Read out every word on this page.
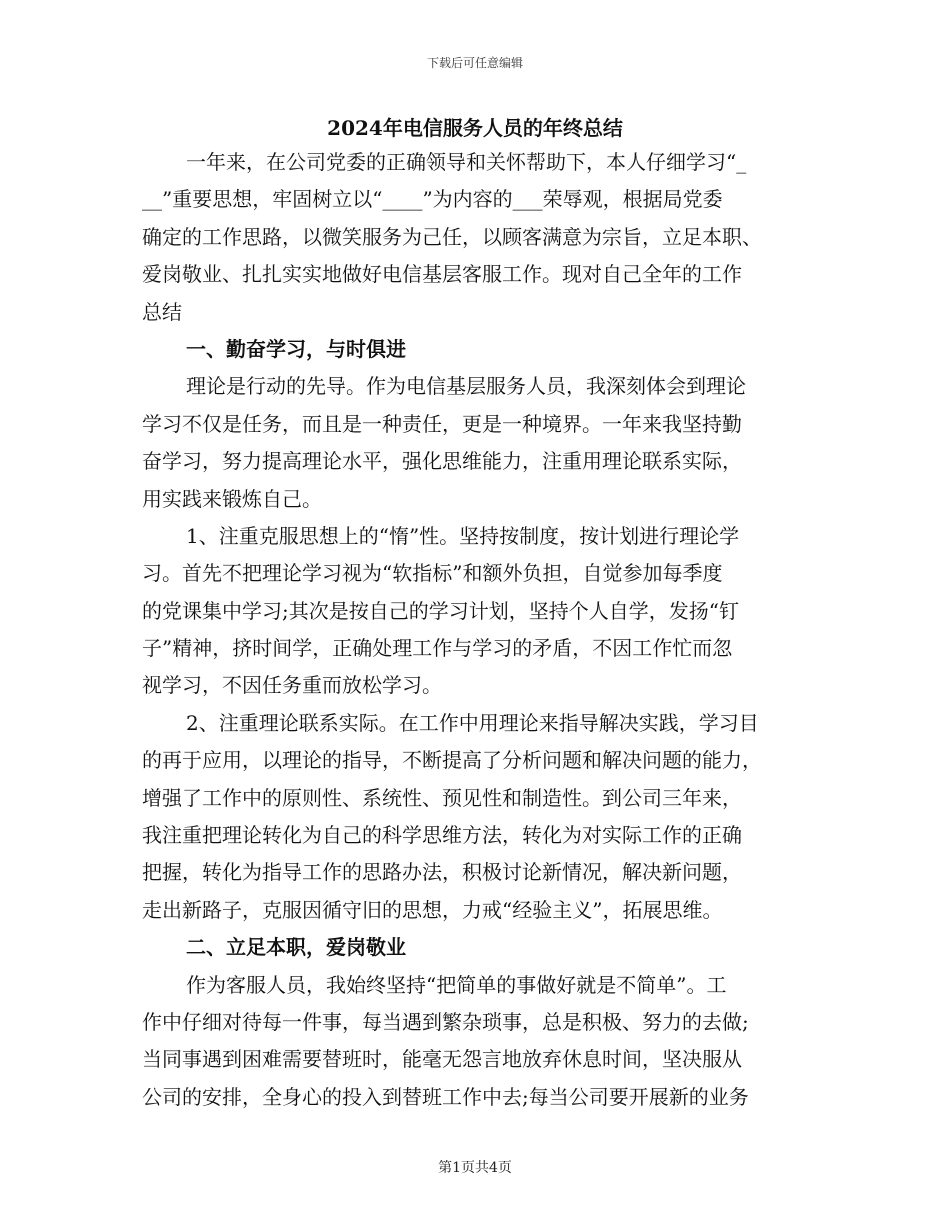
下载后可任意编辑
2024年电信服务人员的年终总结
一年来，在公司党委的正确领导和关怀帮助下，本人仔细学习“_
__”重要思想，牢固树立以“____”为内容的___荣辱观，根据局党委
确定的工作思路，以微笑服务为己任，以顾客满意为宗旨，立足本职、
爱岗敬业、扎扎实实地做好电信基层客服工作。现对自己全年的工作
总结
一、勤奋学习，与时俱进
理论是行动的先导。作为电信基层服务人员，我深刻体会到理论
学习不仅是任务，而且是一种责任，更是一种境界。一年来我坚持勤
奋学习，努力提高理论水平，强化思维能力，注重用理论联系实际，
用实践来锻炼自己。
1、注重克服思想上的“惰”性。坚持按制度，按计划进行理论学
习。首先不把理论学习视为“软指标”和额外负担，自觉参加每季度
的党课集中学习;其次是按自己的学习计划，坚持个人自学，发扬“钉
子”精神，挤时间学，正确处理工作与学习的矛盾，不因工作忙而忽
视学习，不因任务重而放松学习。
2、注重理论联系实际。在工作中用理论来指导解决实践，学习目
的再于应用，以理论的指导，不断提高了分析问题和解决问题的能力，
增强了工作中的原则性、系统性、预见性和制造性。到公司三年来，
我注重把理论转化为自己的科学思维方法，转化为对实际工作的正确
把握，转化为指导工作的思路办法，积极讨论新情况，解决新问题，
走出新路子，克服因循守旧的思想，力戒“经验主义”，拓展思维。
二、立足本职，爱岗敬业
作为客服人员，我始终坚持“把简单的事做好就是不简单”。工
作中仔细对待每一件事，每当遇到繁杂琐事，总是积极、努力的去做;
当同事遇到困难需要替班时，能毫无怨言地放弃休息时间，坚决服从
公司的安排，全身心的投入到替班工作中去;每当公司要开展新的业务
第1页共4页
